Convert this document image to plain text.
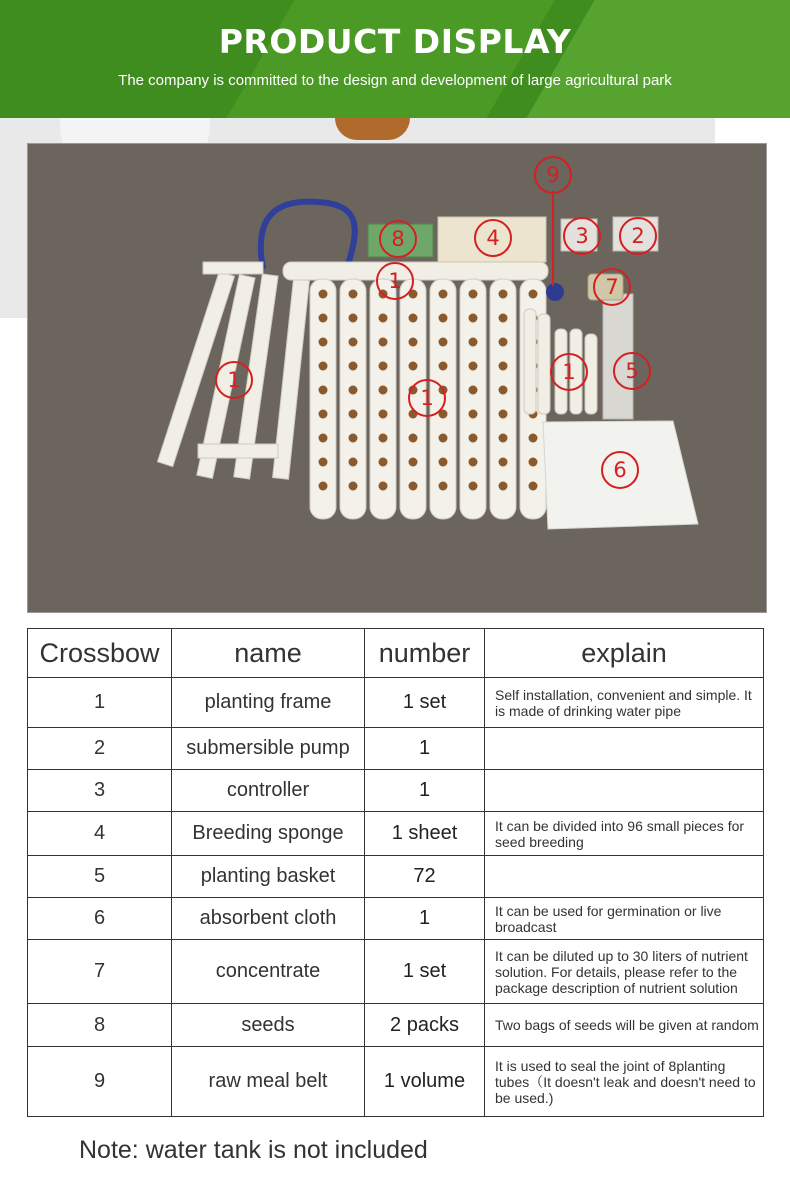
PRODUCT DISPLAY
The company is committed to the design and development of large agricultural park
1
1
1
1
2
3
4
5
6
7
8
9
Crossbow	name	number	explain
1	planting frame	1 set	Self installation, convenient and simple. It is made of drinking water pipe
2	submersible pump	1	
3	controller	1	
4	Breeding sponge	1 sheet	It can be divided into 96 small pieces for seed breeding
5	planting basket	72	
6	absorbent cloth	1	It can be used for germination or live broadcast
7	concentrate	1 set	It can be diluted up to 30 liters of nutrient solution. For details, please refer to the package description of nutrient solution
8	seeds	2 packs	Two bags of seeds will be given at random
9	raw meal belt	1 volume	It is used to seal the joint of 8planting tubes（It doesn't leak and doesn't need to be used.)
Note: water tank is not included
